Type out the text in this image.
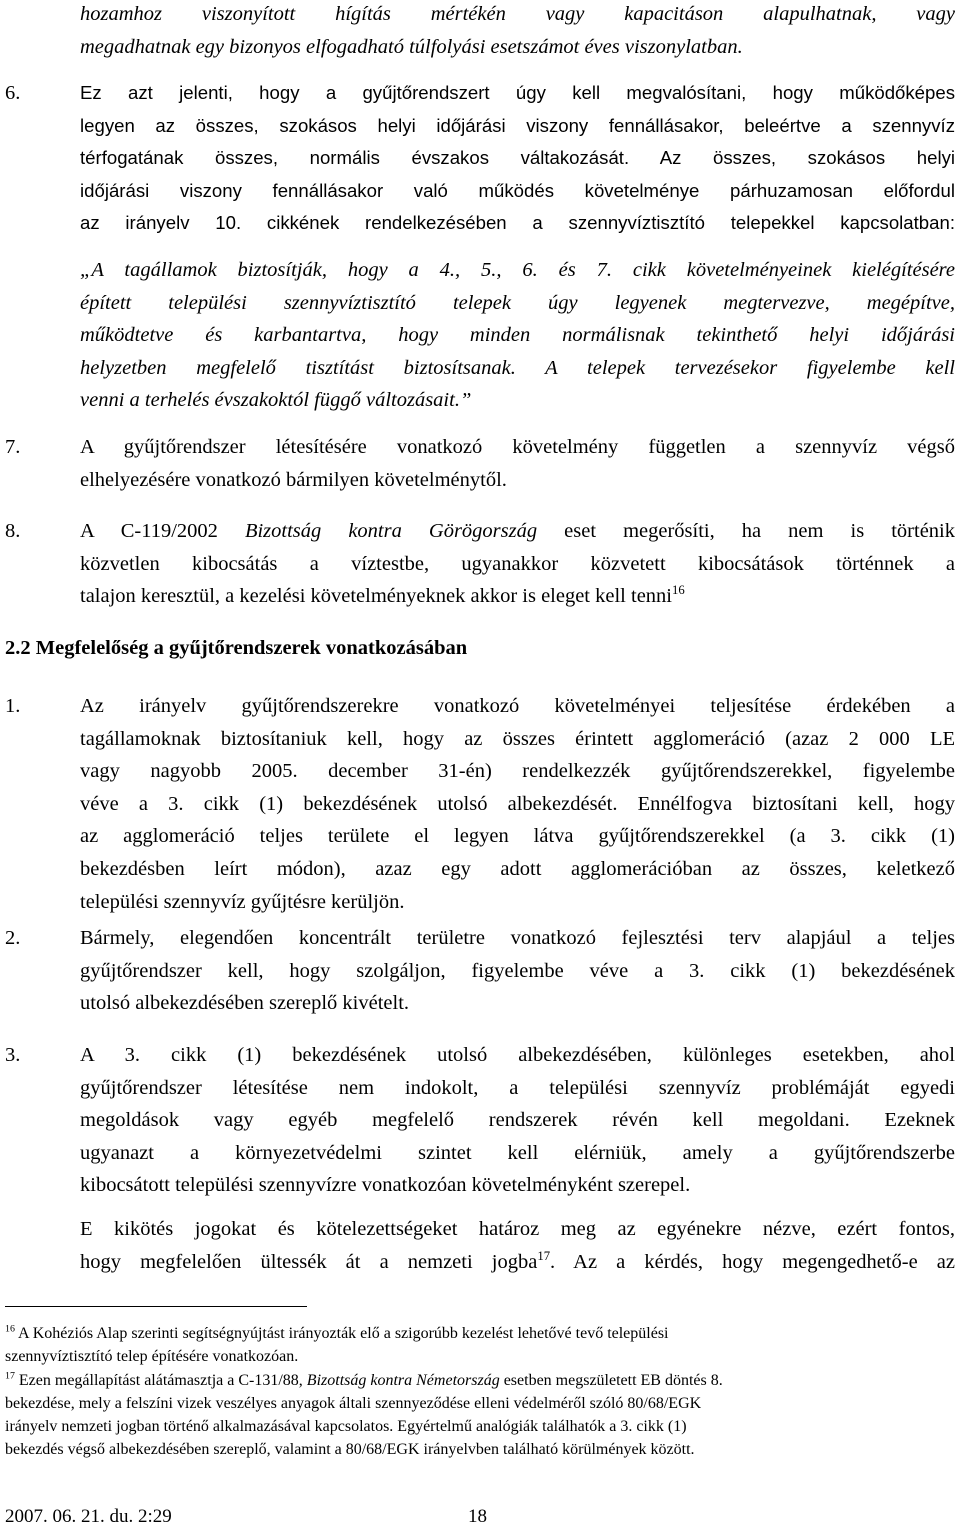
hozamhoz viszonyított hígítás mértékén vagy kapacitáson alapulhatnak, vagy
megadhatnak egy bizonyos elfogadható túlfolyási esetszámot éves viszonylatban.

6.	Ez azt jelenti, hogy a gyűjtőrendszert úgy kell megvalósítani, hogy működőképes
legyen az összes, szokásos helyi időjárási viszony fennállásakor, beleértve a szennyvíz
térfogatának összes, normális évszakos váltakozását. Az összes, szokásos helyi
időjárási viszony fennállásakor való működés követelménye párhuzamosan előfordul
az irányelv 10. cikkének rendelkezésében a szennyvíztisztító telepekkel kapcsolatban:
„A tagállamok biztosítják, hogy a 4., 5., 6. és 7. cikk követelményeinek kielégítésére
épített települési szennyvíztisztító telepek úgy legyenek megtervezve, megépítve,
működtetve és karbantartva, hogy minden normálisnak tekinthető helyi időjárási
helyzetben megfelelő tisztítást biztosítsanak. A telepek tervezésekor figyelembe kell
venni a terhelés évszakoktól függő változásait.”

7.	A gyűjtőrendszer létesítésére vonatkozó követelmény független a szennyvíz végső
elhelyezésére vonatkozó bármilyen követelménytől.

8.	A C-119/2002 Bizottság kontra Görögország eset megerősíti, ha nem is történik
közvetlen kibocsátás a víztestbe, ugyanakkor közvetett kibocsátások történnek a
talajon keresztül, a kezelési követelményeknek akkor is eleget kell tenni$^{16}$

2.2 Megfelelőség a gyűjtőrendszerek vonatkozásában

1.	Az irányelv gyűjtőrendszerekre vonatkozó követelményei teljesítése érdekében a
tagállamoknak biztosítaniuk kell, hogy az összes érintett agglomeráció (azaz 2 000 LE
vagy nagyobb 2005. december 31-én) rendelkezzék gyűjtőrendszerekkel, figyelembe
véve a 3. cikk (1) bekezdésének utolsó albekezdését. Ennélfogva biztosítani kell, hogy
az agglomeráció teljes területe el legyen látva gyűjtőrendszerekkel (a 3. cikk (1)
bekezdésben leírt módon), azaz egy adott agglomerációban az összes, keletkező
települési szennyvíz gyűjtésre kerüljön.

2.	Bármely, elegendően koncentrált területre vonatkozó fejlesztési terv alapjául a teljes
gyűjtőrendszer kell, hogy szolgáljon, figyelembe véve a 3. cikk (1) bekezdésének
utolsó albekezdésében szereplő kivételt.

3.	A 3. cikk (1) bekezdésének utolsó albekezdésében, különleges esetekben, ahol
gyűjtőrendszer létesítése nem indokolt, a települési szennyvíz problémáját egyedi
megoldások vagy egyéb megfelelő rendszerek révén kell megoldani. Ezeknek
ugyanazt a környezetvédelmi szintet kell elérniük, amely a gyűjtőrendszerbe
kibocsátott települési szennyvízre vonatkozóan követelményként szerepel.
E kikötés jogokat és kötelezettségeket határoz meg az egyénekre nézve, ezért fontos,
hogy megfelelően ültessék át a nemzeti jogba$^{17}$. Az a kérdés, hogy megengedhető-e az
$^{16}$ A Kohéziós Alap szerinti segítségnyújtást irányozták elő a szigorúbb kezelést lehetővé tevő települési
szennyvíztisztító telep építésére vonatkozóan.
$^{17}$ Ezen megállapítást alátámasztja a C-131/88, Bizottság kontra Németország esetben megszületett EB döntés 8.
bekezdése, mely a felszíni vizek veszélyes anyagok általi szennyeződése elleni védelméről szóló 80/68/EGK
irányelv nemzeti jogban történő alkalmazásával kapcsolatos. Egyértelmű analógiák találhatók a 3. cikk (1)
bekezdés végső albekezdésében szereplő, valamint a 80/68/EGK irányelvben található körülmények között.

2007. 06. 21. du. 2:29	18
